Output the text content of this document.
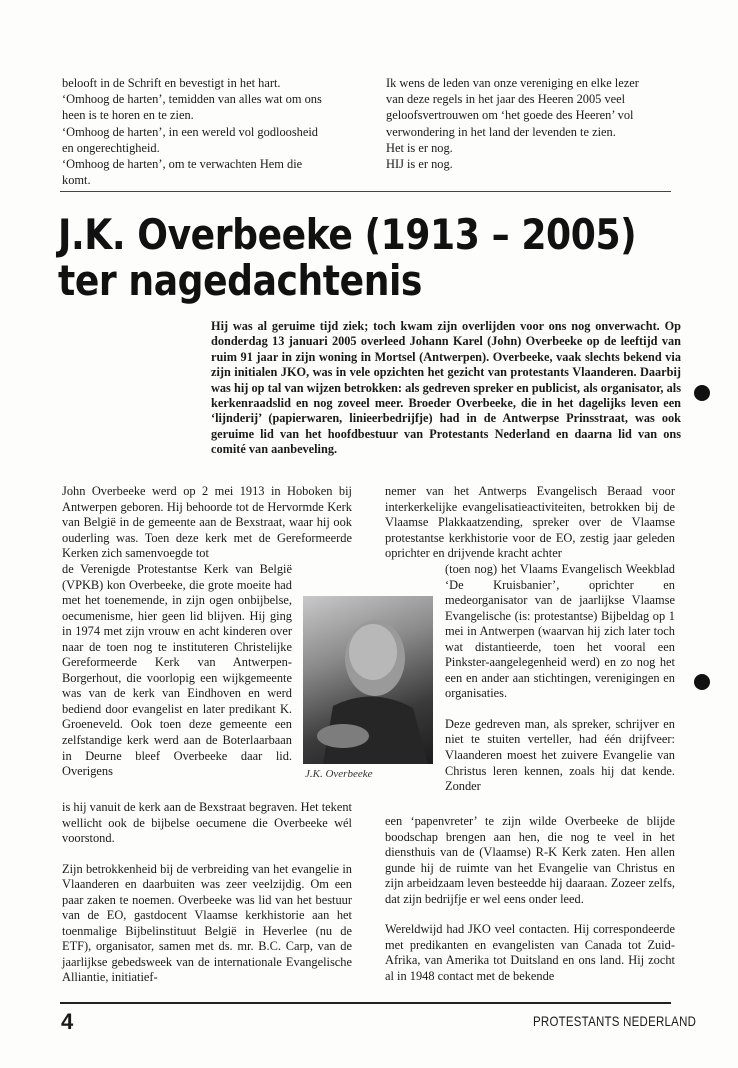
belooft in de Schrift en bevestigt in het hart.
‘Omhoog de harten’, temidden van alles wat om ons
heen is te horen en te zien.
‘Omhoog de harten’, in een wereld vol godloosheid
en ongerechtigheid.
‘Omhoog de harten’, om te verwachten Hem die
komt.
Ik wens de leden van onze vereniging en elke lezer
van deze regels in het jaar des Heeren 2005 veel
geloofsvertrouwen om ‘het goede des Heeren’ vol
verwondering in het land der levenden te zien.
Het is er nog.
HIJ is er nog.
J.K. Overbeeke (1913 – 2005)
ter nagedachtenis
Hij was al geruime tijd ziek; toch kwam zijn overlijden voor ons nog onverwacht. Op donderdag 13 januari 2005 overleed Johann Karel (John) Overbeeke op de leeftijd van ruim 91 jaar in zijn woning in Mortsel (Antwerpen). Overbeeke, vaak slechts bekend via zijn initialen JKO, was in vele opzichten het gezicht van protestants Vlaanderen. Daarbij was hij op tal van wijzen betrokken: als gedreven spreker en publicist, als organisator, als kerkenraadslid en nog zoveel meer. Broeder Overbeeke, die in het dagelijks leven een ‘lijnderij’ (papierwaren, linieerbedrijfje) had in de Antwerpse Prinsstraat, was ook geruime lid van het hoofdbestuur van Protestants Nederland en daarna lid van ons comité van aanbeveling.

John Overbeeke werd op 2 mei 1913 in Hoboken bij Antwerpen geboren. Hij behoorde tot de Hervormde Kerk van België in de gemeente aan de Bexstraat, waar hij ook ouderling was. Toen deze kerk met de Gereformeerde Kerken zich samenvoegde tot

de Verenigde Protestantse Kerk van België (VPKB) kon Overbeeke, die grote moeite had met het toenemende, in zijn ogen onbijbelse, oecumenisme, hier geen lid blijven. Hij ging in 1974 met zijn vrouw en acht kinderen over naar de toen nog te instituteren Christelijke Gereformeerde Kerk van Antwerpen-Borgerhout, die voorlopig een wijkgemeente was van de kerk van Eindhoven en werd bediend door evangelist en later predikant K. Groeneveld. Ook toen deze gemeente een zelfstandige kerk werd aan de Boterlaarbaan in Deurne bleef Overbeeke daar lid. Overigens

is hij vanuit de kerk aan de Bexstraat begraven. Het tekent wellicht ook de bijbelse oecumene die Overbeeke wél voorstond.

Zijn betrokkenheid bij de verbreiding van het evangelie in Vlaanderen en daarbuiten was zeer veelzijdig. Om een paar zaken te noemen. Overbeeke was lid van het bestuur van de EO, gastdocent Vlaamse kerkhistorie aan het toenmalige Bijbelinstituut België in Heverlee (nu de ETF), organisator, samen met ds. mr. B.C. Carp, van de jaarlijkse gebedsweek van de internationale Evangelische Alliantie, initiatief-

J.K. Overbeeke

nemer van het Antwerps Evangelisch Beraad voor interkerkelijke evangelisatieactiviteiten, betrokken bij de Vlaamse Plakkaatzending, spreker over de Vlaamse protestantse kerkhistorie voor de EO, zestig jaar geleden oprichter en drijvende kracht achter

(toen nog) het Vlaams Evangelisch Weekblad ‘De Kruisbanier’, oprichter en medeorganisator van de jaarlijkse Vlaamse Evangelische (is: protestantse) Bijbeldag op 1 mei in Antwerpen (waarvan hij zich later toch wat distantieerde, toen het vooral een Pinkster-aangelegenheid werd) en zo nog het een en ander aan stichtingen, verenigingen en organisaties.

Deze gedreven man, als spreker, schrijver en niet te stuiten verteller, had één drijfveer: Vlaanderen moest het zuivere Evangelie van Christus leren kennen, zoals hij dat kende. Zonder

een ‘papenvreter’ te zijn wilde Overbeeke de blijde boodschap brengen aan hen, die nog te veel in het diensthuis van de (Vlaamse) R-K Kerk zaten. Hen allen gunde hij de ruimte van het Evangelie van Christus en zijn arbeidzaam leven besteedde hij daaraan. Zozeer zelfs, dat zijn bedrijfje er wel eens onder leed.

Wereldwijd had JKO veel contacten. Hij correspondeerde met predikanten en evangelisten van Canada tot Zuid-Afrika, van Amerika tot Duitsland en ons land. Hij zocht al in 1948 contact met de bekende

4	PROTESTANTS NEDERLAND
